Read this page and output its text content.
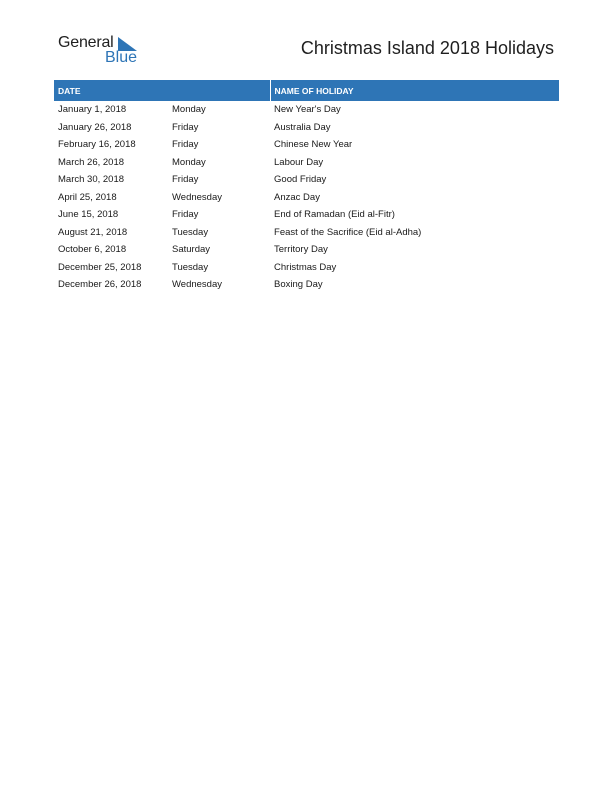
General
Blue	Christmas Island 2018 Holidays
DATE		NAME OF HOLIDAY
January 1, 2018	Monday	New Year's Day
January 26, 2018	Friday	Australia Day
February 16, 2018	Friday	Chinese New Year
March 26, 2018	Monday	Labour Day
March 30, 2018	Friday	Good Friday
April 25, 2018	Wednesday	Anzac Day
June 15, 2018	Friday	End of Ramadan (Eid al-Fitr)
August 21, 2018	Tuesday	Feast of the Sacrifice (Eid al-Adha)
October 6, 2018	Saturday	Territory Day
December 25, 2018	Tuesday	Christmas Day
December 26, 2018	Wednesday	Boxing Day
